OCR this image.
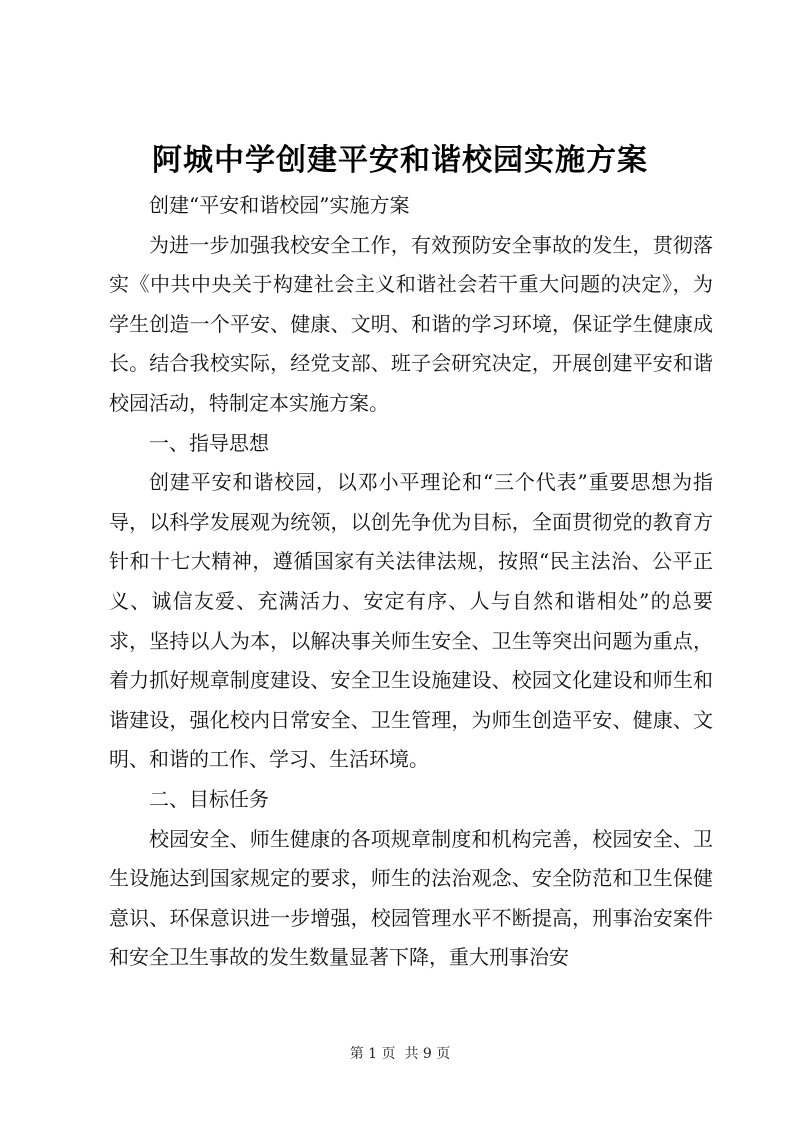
阿城中学创建平安和谐校园实施方案

创建“平安和谐校园”实施方案

为进一步加强我校安全工作，有效预防安全事故的发生，贯彻落实《中共中央关于构建社会主义和谐社会若干重大问题的决定》，为学生创造一个平安、健康、文明、和谐的学习环境，保证学生健康成长。结合我校实际，经党支部、班子会研究决定，开展创建平安和谐校园活动，特制定本实施方案。

一、指导思想

创建平安和谐校园，以邓小平理论和“三个代表”重要思想为指导，以科学发展观为统领，以创先争优为目标，全面贯彻党的教育方针和十七大精神，遵循国家有关法律法规，按照“民主法治、公平正义、诚信友爱、充满活力、安定有序、人与自然和谐相处”的总要求，坚持以人为本，以解决事关师生安全、卫生等突出问题为重点，着力抓好规章制度建设、安全卫生设施建设、校园文化建设和师生和谐建设，强化校内日常安全、卫生管理，为师生创造平安、健康、文明、和谐的工作、学习、生活环境。

二、目标任务

校园安全、师生健康的各项规章制度和机构完善，校园安全、卫生设施达到国家规定的要求，师生的法治观念、安全防范和卫生保健意识、环保意识进一步增强，校园管理水平不断提高，刑事治安案件和安全卫生事故的发生数量显著下降，重大刑事治安

第 1 页  共 9 页
